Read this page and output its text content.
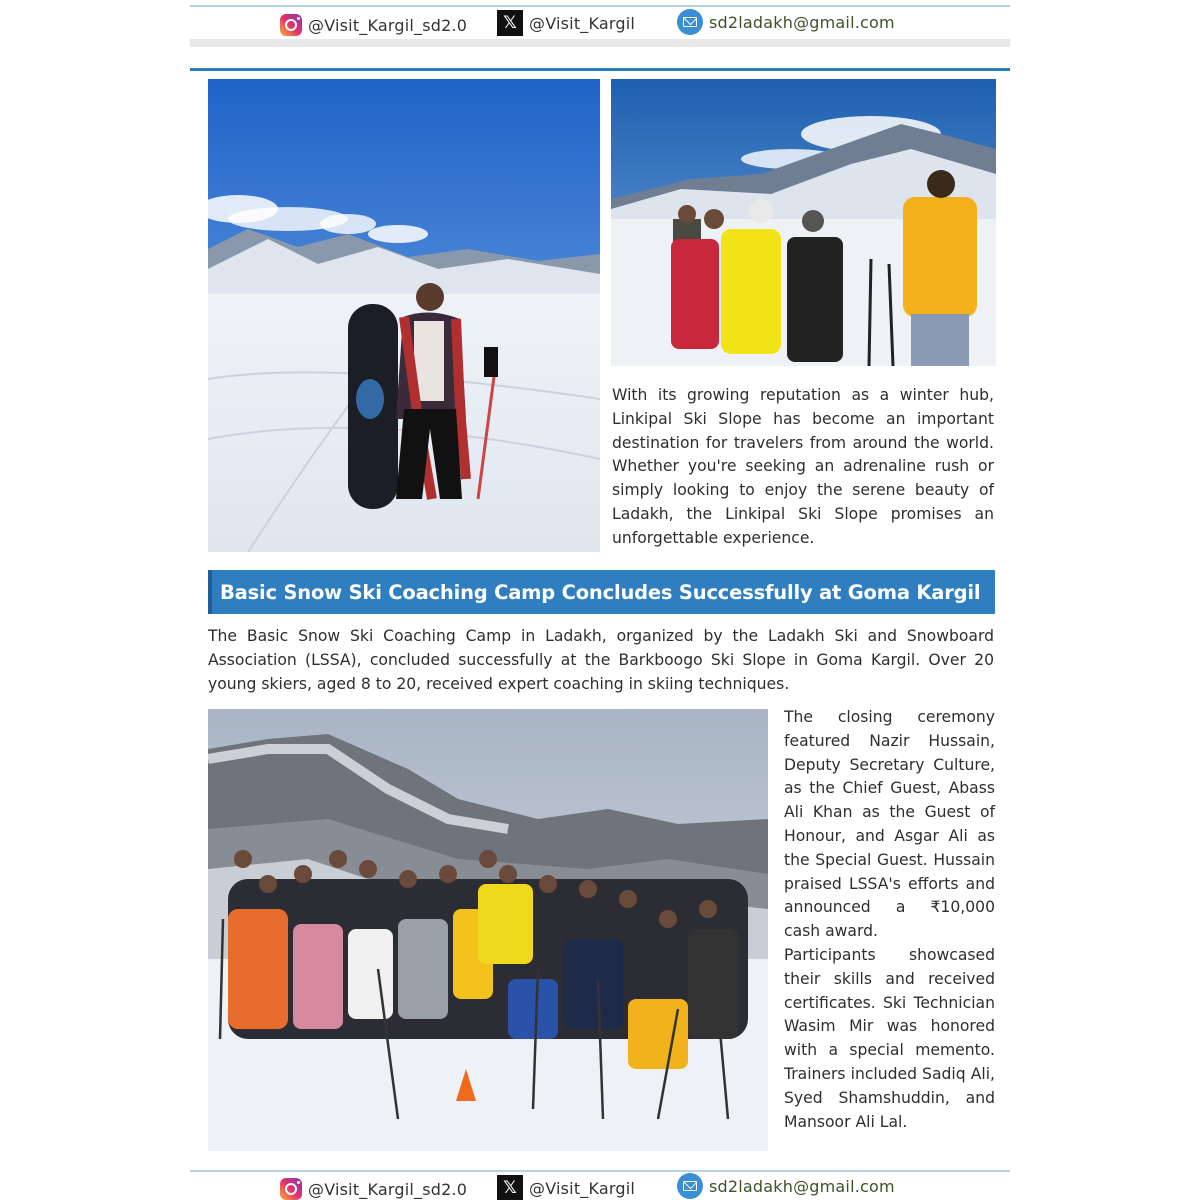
@Visit_Kargil_sd2.0	𝕏 @Visit_Kargil	sd2ladakh@gmail.com
With its growing reputation as a winter hub, Linkipal Ski Slope has become an important destination for travelers from around the world. Whether you're seeking an adrenaline rush or simply looking to enjoy the serene beauty of Ladakh, the Linkipal Ski Slope promises an unforgettable experience.
Basic Snow Ski Coaching Camp Concludes Successfully at Goma Kargil
The Basic Snow Ski Coaching Camp in Ladakh, organized by the Ladakh Ski and Snowboard Association (LSSA), concluded successfully at the Barkboogo Ski Slope in Goma Kargil. Over 20 young skiers, aged 8 to 20, received expert coaching in skiing techniques.

The closing ceremony featured Nazir Hussain, Deputy Secretary Culture, as the Chief Guest, Abass Ali Khan as the Guest of Honour, and Asgar Ali as the Special Guest. Hussain praised LSSA's efforts and announced a ₹10,000 cash award.

Participants showcased their skills and received certificates. Ski Technician Wasim Mir was honored with a special memento. Trainers included Sadiq Ali, Syed Shamshuddin, and Mansoor Ali Lal.

@Visit_Kargil_sd2.0	𝕏 @Visit_Kargil	sd2ladakh@gmail.com
